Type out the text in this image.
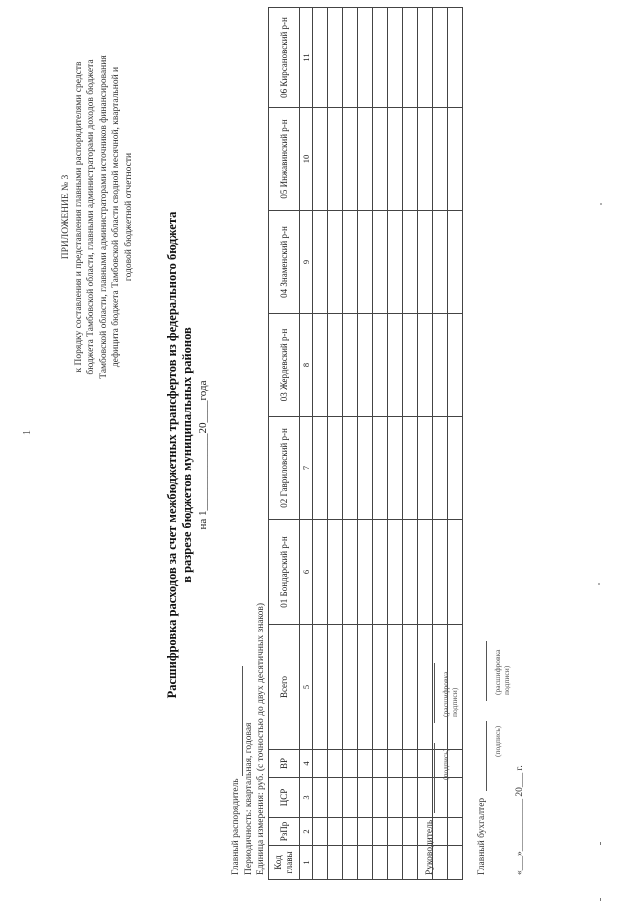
1
ПРИЛОЖЕНИЕ № 3 к Порядку составления и представления главными распорядителями средств бюджета Тамбовской области, главными администраторами доходов бюджета Тамбовской области, главными администраторами источников финансирования дефицита бюджета Тамбовской области сводной месячной, квартальной и годовой бюджетной отчетности Расшифровка расходов за счет межбюджетных трансфертов из федерального бюджета в разрезе бюджетов муниципальных районов на 1______________20____года
Главный распорядитель Периодичность: квартальная, годовая Единица измерения: руб. (с точностью до двух десятичных знаков) Код главы	РзПр	ЦСР	ВР	Всего	01 Бондарский р-н	02 Гавриловский р-н	03 Жердевский р-н	04 Знаменский р-н	05 Инжавинский р-н	06 Кирсановский р-н
1	2	3	4	5	6	7	8	9	10	11

Руководитель
(подпись)
(расшифровка подписи)
Главный бухгалтер
(подпись)
(расшифровка подписи)
«___»___________ 20___ г.
